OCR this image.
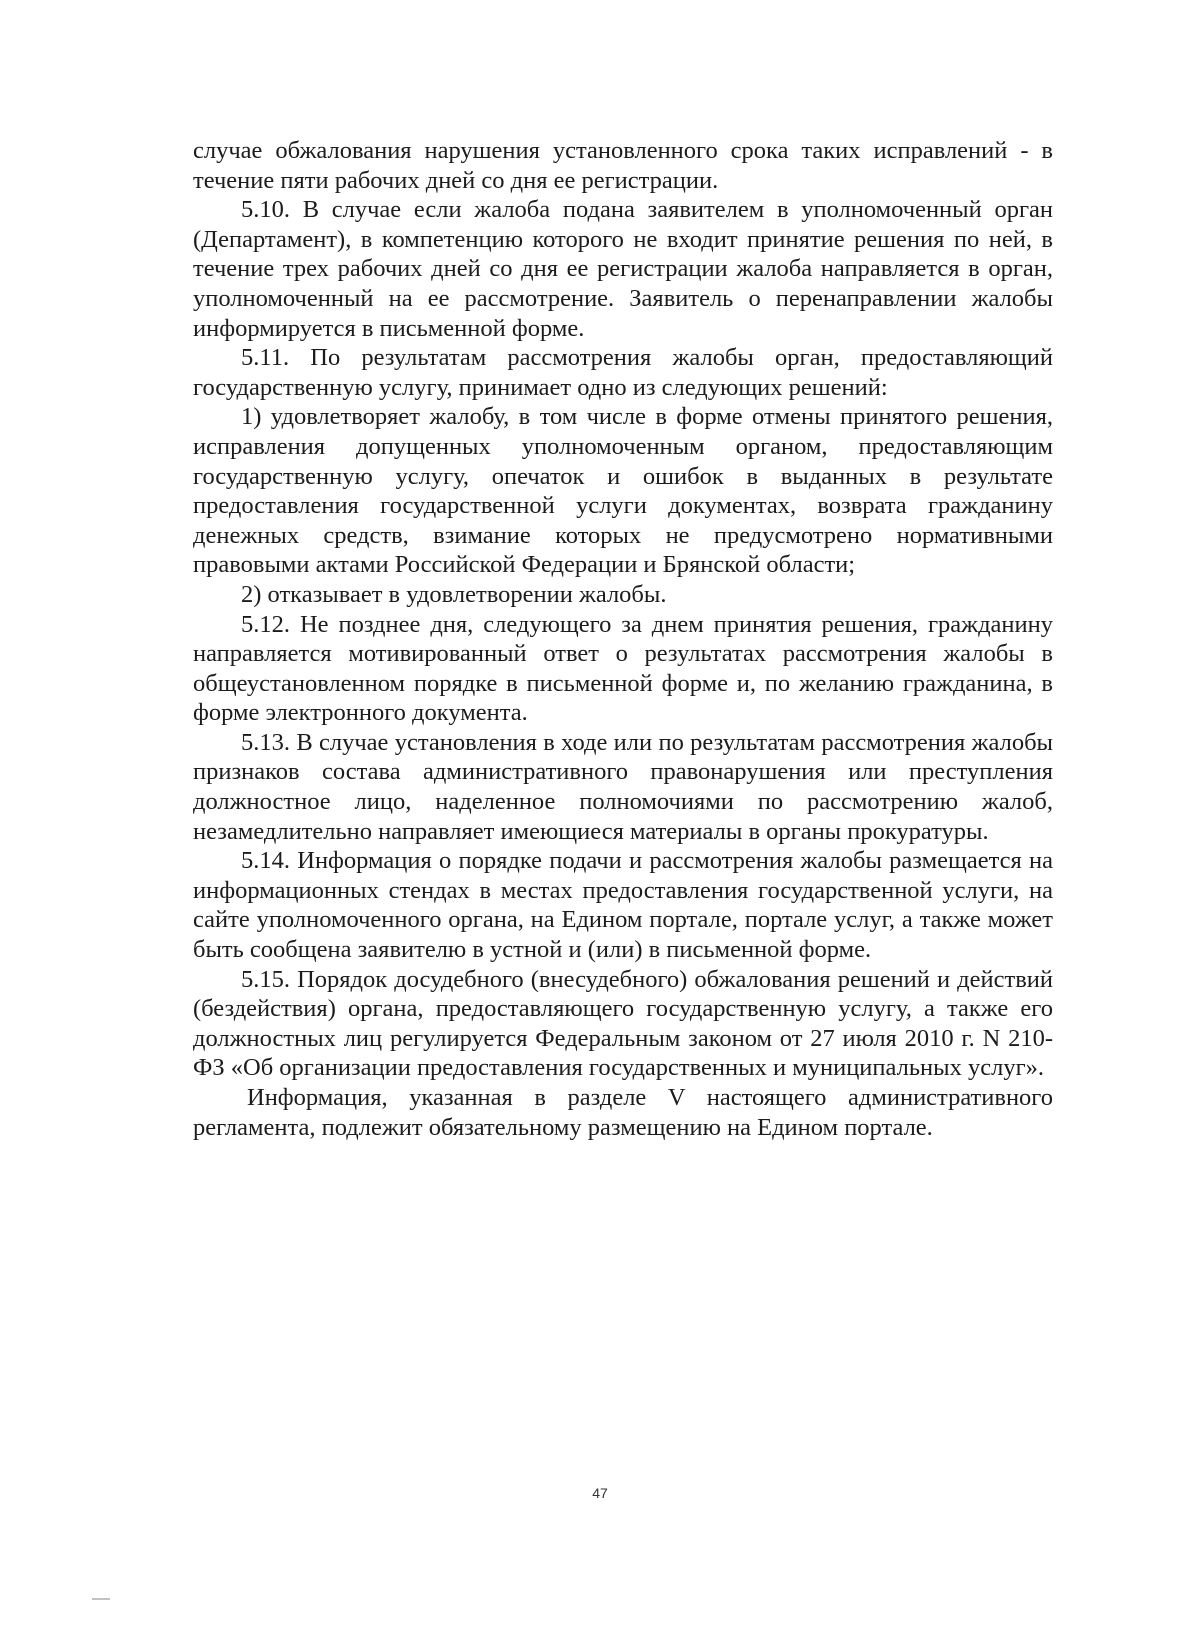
случае обжалования нарушения установленного срока таких исправлений - в течение пяти рабочих дней со дня ее регистрации.

5.10. В случае если жалоба подана заявителем в уполномоченный орган (Департамент), в компетенцию которого не входит принятие решения по ней, в течение трех рабочих дней со дня ее регистрации жалоба направляется в орган, уполномоченный на ее рассмотрение. Заявитель о перенаправлении жалобы информируется в письменной форме.

5.11. По результатам рассмотрения жалобы орган, предоставляющий государственную услугу, принимает одно из следующих решений:

1) удовлетворяет жалобу, в том числе в форме отмены принятого решения, исправления допущенных уполномоченным органом, предоставляющим государственную услугу, опечаток и ошибок в выданных в результате предоставления государственной услуги документах, возврата гражданину денежных средств, взимание которых не предусмотрено нормативными правовыми актами Российской Федерации и Брянской области;

2) отказывает в удовлетворении жалобы.

5.12. Не позднее дня, следующего за днем принятия решения, гражданину направляется мотивированный ответ о результатах рассмотрения жалобы в общеустановленном порядке в письменной форме и, по желанию гражданина, в форме электронного документа.

5.13. В случае установления в ходе или по результатам рассмотрения жалобы признаков состава административного правонарушения или преступления должностное лицо, наделенное полномочиями по рассмотрению жалоб, незамедлительно направляет имеющиеся материалы в органы прокуратуры.

5.14. Информация о порядке подачи и рассмотрения жалобы размещается на информационных стендах в местах предоставления государственной услуги, на сайте уполномоченного органа, на Едином портале, портале услуг, а также может быть сообщена заявителю в устной и (или) в письменной форме.

5.15. Порядок досудебного (внесудебного) обжалования решений и действий (бездействия) органа, предоставляющего государственную услугу, а также его должностных лиц регулируется Федеральным законом от 27 июля 2010 г. N 210-ФЗ «Об организации предоставления государственных и муниципальных услуг».

Информация, указанная в разделе V настоящего административного регламента, подлежит обязательному размещению на Едином портале.

47
